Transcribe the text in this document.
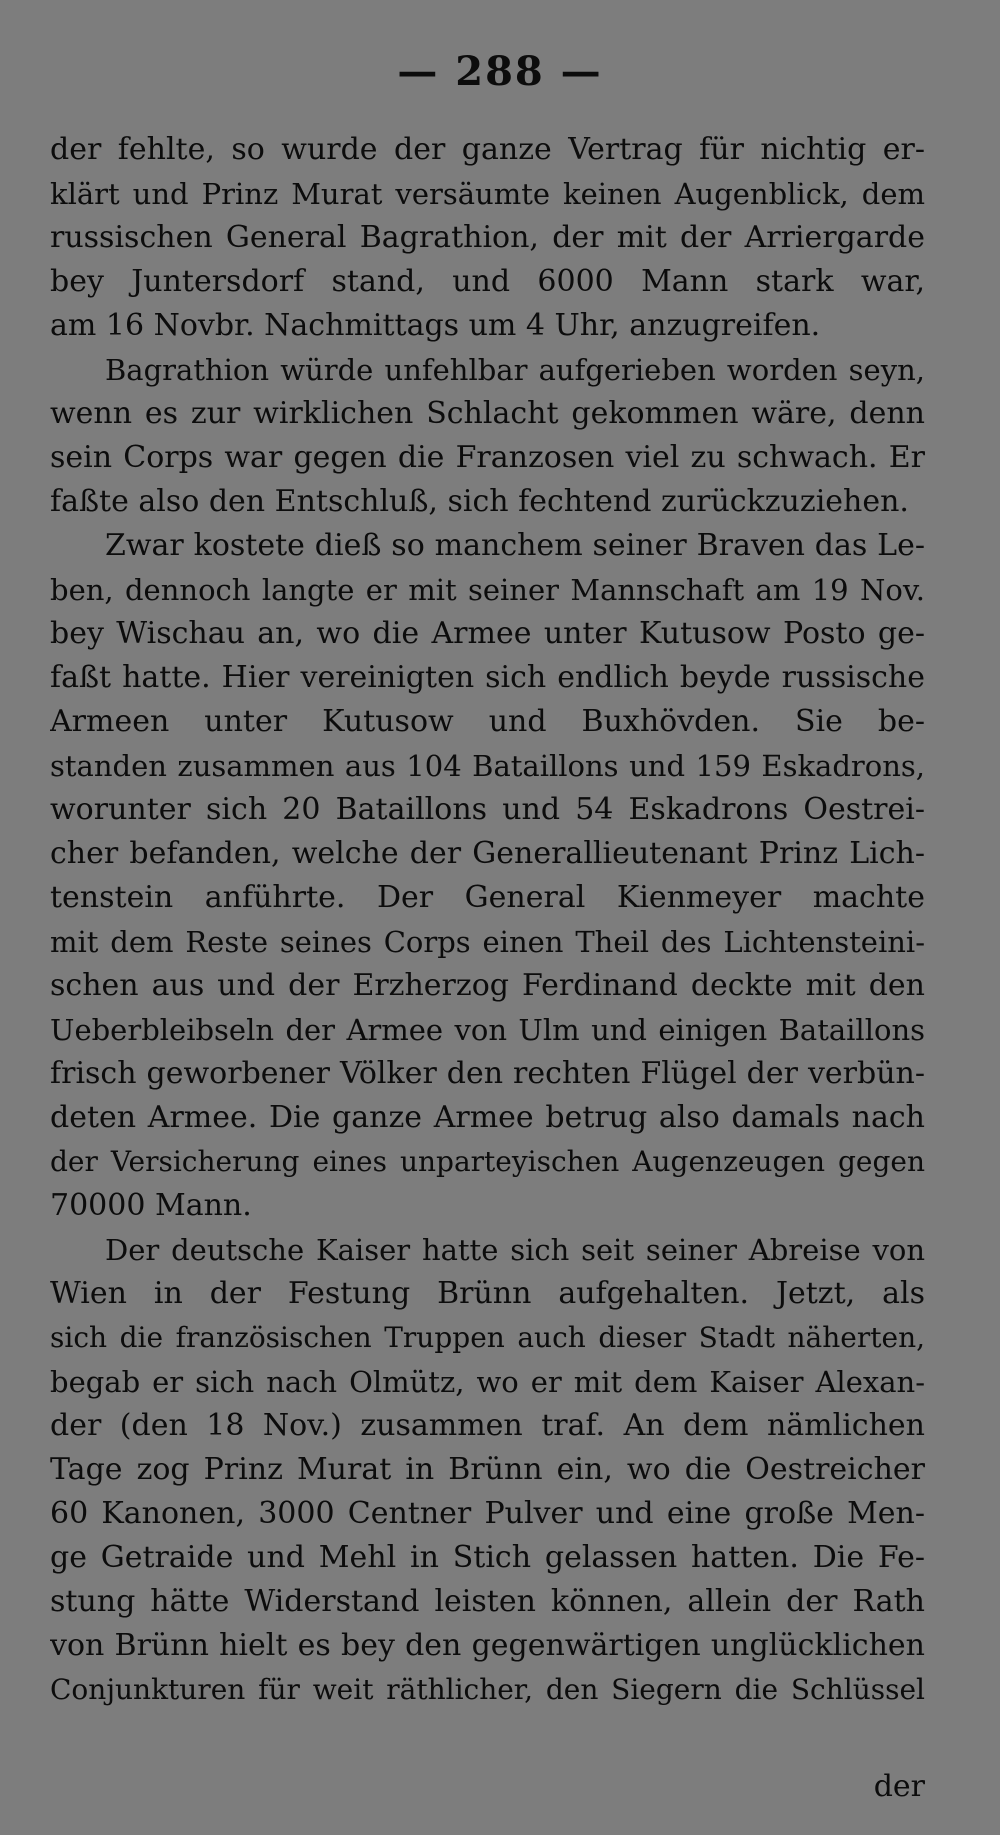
— 288 —
der fehlte, so wurde der ganze Vertrag für nichtig er-
klärt und Prinz Murat versäumte keinen Augenblick, dem
russischen General Bagrathion, der mit der Arriergarde
bey Juntersdorf stand, und 6000 Mann stark war,
am 16 Novbr. Nachmittags um 4 Uhr, anzugreifen.
Bagrathion würde unfehlbar aufgerieben worden seyn,
wenn es zur wirklichen Schlacht gekommen wäre, denn
sein Corps war gegen die Franzosen viel zu schwach. Er
faßte also den Entschluß, sich fechtend zurückzuziehen.
Zwar kostete dieß so manchem seiner Braven das Le-
ben, dennoch langte er mit seiner Mannschaft am 19 Nov.
bey Wischau an, wo die Armee unter Kutusow Posto ge-
faßt hatte. Hier vereinigten sich endlich beyde russische
Armeen unter Kutusow und Buxhövden. Sie be-
standen zusammen aus 104 Bataillons und 159 Eskadrons,
worunter sich 20 Bataillons und 54 Eskadrons Oestrei-
cher befanden, welche der Generallieutenant Prinz Lich-
tenstein anführte. Der General Kienmeyer machte
mit dem Reste seines Corps einen Theil des Lichtensteini-
schen aus und der Erzherzog Ferdinand deckte mit den
Ueberbleibseln der Armee von Ulm und einigen Bataillons
frisch geworbener Völker den rechten Flügel der verbün-
deten Armee. Die ganze Armee betrug also damals nach
der Versicherung eines unparteyischen Augenzeugen gegen
70000 Mann.
Der deutsche Kaiser hatte sich seit seiner Abreise von
Wien in der Festung Brünn aufgehalten. Jetzt, als
sich die französischen Truppen auch dieser Stadt näherten,
begab er sich nach Olmütz, wo er mit dem Kaiser Alexan-
der (den 18 Nov.) zusammen traf. An dem nämlichen
Tage zog Prinz Murat in Brünn ein, wo die Oestreicher
60 Kanonen, 3000 Centner Pulver und eine große Men-
ge Getraide und Mehl in Stich gelassen hatten. Die Fe-
stung hätte Widerstand leisten können, allein der Rath
von Brünn hielt es bey den gegenwärtigen unglücklichen
Conjunkturen für weit räthlicher, den Siegern die Schlüssel
der
